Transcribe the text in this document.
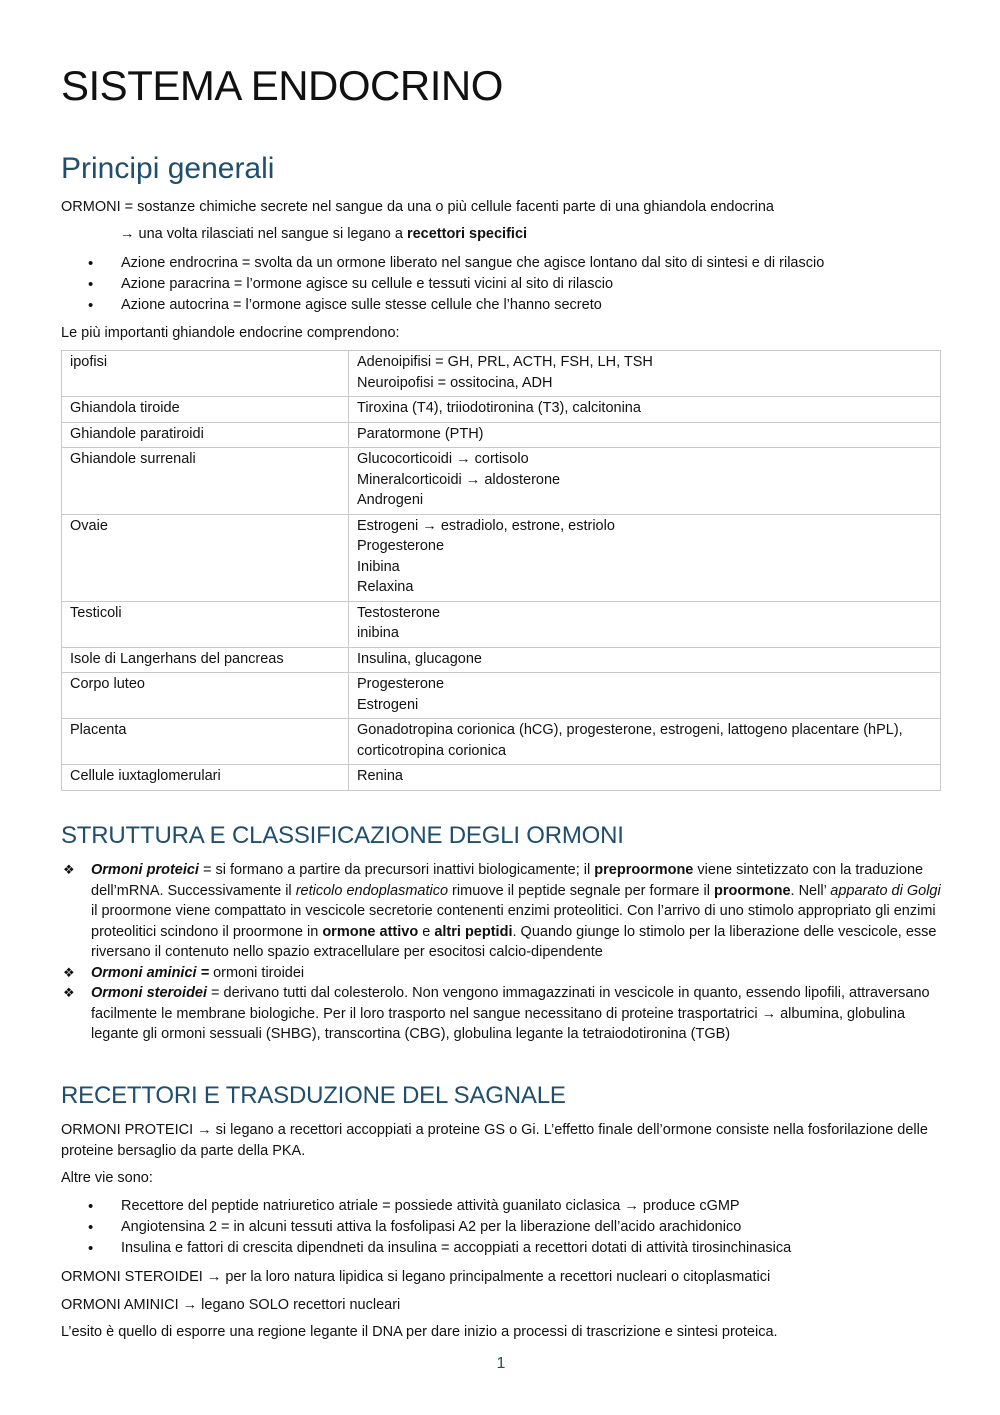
SISTEMA ENDOCRINO
Principi generali

ORMONI = sostanze chimiche secrete nel sangue da una o più cellule facenti parte di una ghiandola endocrina

→ una volta rilasciati nel sangue si legano a recettori specifici
• Azione endrocrina = svolta da un ormone liberato nel sangue che agisce lontano dal sito di sintesi e di rilascio
• Azione paracrina = l’ormone agisce su cellule e tessuti vicini al sito di rilascio
• Azione autocrina = l’ormone agisce sulle stesse cellule che l’hanno secreto

Le più importanti ghiandole endocrine comprendono:

ipofisi	Adenoipifisi = GH, PRL, ACTH, FSH, LH, TSH
Neuroipofisi = ossitocina, ADH

Ghiandola tiroide	Tiroxina (T4), triiodotironina (T3), calcitonina

Ghiandole paratiroidi	Paratormone (PTH)

Ghiandole surrenali	Glucocorticoidi → cortisolo
Mineralcorticoidi → aldosterone
Androgeni

Ovaie	Estrogeni → estradiolo, estrone, estriolo
Progesterone
Inibina
Relaxina

Testicoli	Testosterone
inibina

Isole di Langerhans del pancreas	Insulina, glucagone

Corpo luteo	Progesterone
Estrogeni

Placenta	Gonadotropina corionica (hCG), progesterone, estrogeni, lattogeno placentare (hPL), corticotropina corionica

Cellule iuxtaglomerulari	Renina
STRUTTURA E CLASSIFICAZIONE DEGLI ORMONI
❖ Ormoni proteici = si formano a partire da precursori inattivi biologicamente; il preproormone viene sintetizzato con la traduzione dell’mRNA. Successivamente il reticolo endoplasmatico rimuove il peptide segnale per formare il proormone. Nell’ apparato di Golgi il proormone viene compattato in vescicole secretorie contenenti enzimi proteolitici. Con l’arrivo di uno stimolo appropriato gli enzimi proteolitici scindono il proormone in ormone attivo e altri peptidi. Quando giunge lo stimolo per la liberazione delle vescicole, esse riversano il contenuto nello spazio extracellulare per esocitosi calcio-dipendente
❖ Ormoni aminici = ormoni tiroidei
❖ Ormoni steroidei = derivano tutti dal colesterolo. Non vengono immagazzinati in vescicole in quanto, essendo lipofili, attraversano facilmente le membrane biologiche. Per il loro trasporto nel sangue necessitano di proteine trasportatrici → albumina, globulina legante gli ormoni sessuali (SHBG), transcortina (CBG), globulina legante la tetraiodotironina (TGB)
RECETTORI E TRASDUZIONE DEL SAGNALE

ORMONI PROTEICI → si legano a recettori accoppiati a proteine GS o Gi. L’effetto finale dell’ormone consiste nella fosforilazione delle proteine bersaglio da parte della PKA.

Altre vie sono:

• Recettore del peptide natriuretico atriale = possiede attività guanilato ciclasica → produce cGMP
• Angiotensina 2 = in alcuni tessuti attiva la fosfolipasi A2 per la liberazione dell’acido arachidonico
• Insulina e fattori di crescita dipendneti da insulina = accoppiati a recettori dotati di attività tirosinchinasica

ORMONI STEROIDEI → per la loro natura lipidica si legano principalmente a recettori nucleari o citoplasmatici

ORMONI AMINICI → legano SOLO recettori nucleari

L’esito è quello di esporre una regione legante il DNA per dare inizio a processi di trascrizione e sintesi proteica.

1
